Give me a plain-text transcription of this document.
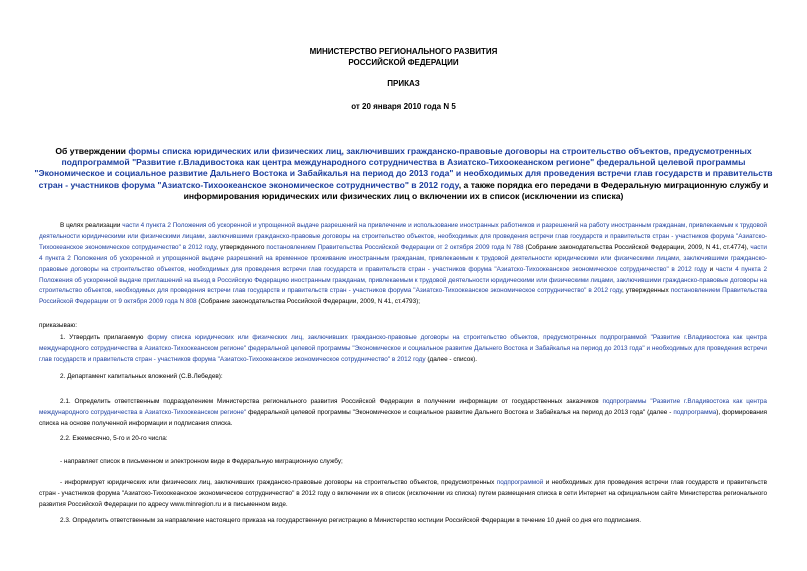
МИНИСТЕРСТВО РЕГИОНАЛЬНОГО РАЗВИТИЯ
РОССИЙСКОЙ ФЕДЕРАЦИИ
ПРИКАЗ
от 20 января 2010 года N 5
Об утверждении формы списка юридических или физических лиц, заключивших гражданско-правовые договоры на строительство объектов, предусмотренных подпрограммой "Развитие г.Владивостока как центра международного сотрудничества в Азиатско-Тихоокеанском регионе" федеральной целевой программы "Экономическое и социальное развитие Дальнего Востока и Забайкалья на период до 2013 года" и необходимых для проведения встречи глав государств и правительств стран - участников форума "Азиатско-Тихоокеанское экономическое сотрудничество" в 2012 году, а также порядка его передачи в Федеральную миграционную службу и информирования юридических или физических лиц о включении их в список (исключении из списка)
В целях реализации части 4 пункта 2 Положения об ускоренной и упрощенной выдаче разрешений на привлечение и использование иностранных работников и разрешений на работу иностранным гражданам, привлекаемым к трудовой деятельности юридическими или физическими лицами, заключившими гражданско-правовые договоры на строительство объектов, необходимых для проведения встречи глав государств и правительств стран - участников форума "Азиатско-Тихоокеанское экономическое сотрудничество" в 2012 году, утвержденного постановлением Правительства Российской Федерации от 2 октября 2009 года N 788 (Собрание законодательства Российской Федерации, 2009, N 41, ст.4774), части 4 пункта 2 Положения об ускоренной и упрощенной выдаче разрешений на временное проживание иностранным гражданам, привлекаемым к трудовой деятельности юридическими или физическими лицами, заключившими гражданско-правовые договоры на строительство объектов, необходимых для проведения встречи глав государств и правительств стран - участников форума "Азиатско-Тихоокеанское экономическое сотрудничество" в 2012 году и части 4 пункта 2 Положения об ускоренной выдаче приглашений на въезд в Российскую Федерацию иностранным гражданам, привлекаемым к трудовой деятельности юридическими или физическими лицами, заключившими гражданско-правовые договоры на строительство объектов, необходимых для проведения встречи глав государств и правительств стран - участников форума "Азиатско-Тихоокеанское экономическое сотрудничество" в 2012 году, утвержденных постановлением Правительства Российской Федерации от 9 октября 2009 года N 808 (Собрание законодательства Российской Федерации, 2009, N 41, ст.4793);
приказываю:
1. Утвердить прилагаемую форму списка юридических или физических лиц, заключивших гражданско-правовые договоры на строительство объектов, предусмотренных подпрограммой "Развитие г.Владивостока как центра международного сотрудничества в Азиатско-Тихоокеанском регионе" федеральной целевой программы "Экономическое и социальное развитие Дальнего Востока и Забайкалья на период до 2013 года" и необходимых для проведения встречи глав государств и правительств стран - участников форума "Азиатско-Тихоокеанское экономическое сотрудничество" в 2012 году (далее - список).
2. Департамент капитальных вложений (С.В.Лебедев):
2.1. Определить ответственным подразделением Министерства регионального развития Российской Федерации в получении информации от государственных заказчиков подпрограммы "Развитие г.Владивостока как центра международного сотрудничества в Азиатско-Тихоокеанском регионе" федеральной целевой программы "Экономическое и социальное развитие Дальнего Востока и Забайкалья на период до 2013 года" (далее - подпрограмма), формирования списка на основе полученной информации и подписания списка.
2.2. Ежемесячно, 5-го и 20-го числа:
- направляет список в письменном и электронном виде в Федеральную миграционную службу;
- информирует юридических или физических лиц, заключивших гражданско-правовые договоры на строительство объектов, предусмотренных подпрограммой и необходимых для проведения встречи глав государств и правительств стран - участников форума "Азиатско-Тихоокеанское экономическое сотрудничество" в 2012 году о включении их в список (исключении из списка) путем размещения списка в сети Интернет на официальном сайте Министерства регионального развития Российской Федерации по адресу www.minregion.ru и в письменном виде.
2.3. Определить ответственным за направление настоящего приказа на государственную регистрацию в Министерство юстиции Российской Федерации в течение 10 дней со дня его подписания.
